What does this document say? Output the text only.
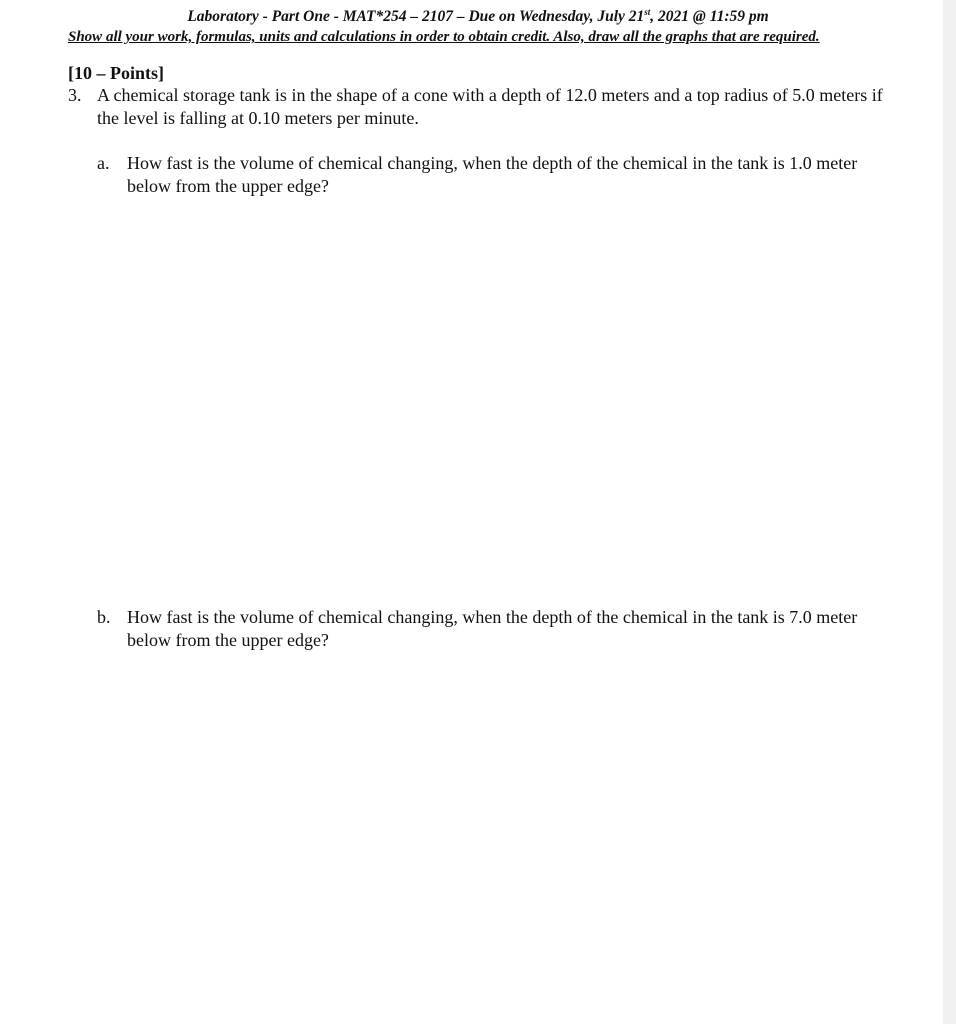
Laboratory - Part One - MAT*254 – 2107 – Due on Wednesday, July 21st, 2021 @ 11:59 pm
Show all your work, formulas, units and calculations in order to obtain credit. Also, draw all the graphs that are required.
[10 – Points]
3. A chemical storage tank is in the shape of a cone with a depth of 12.0 meters and a top radius of 5.0 meters if the level is falling at 0.10 meters per minute.
a. How fast is the volume of chemical changing, when the depth of the chemical in the tank is 1.0 meter below from the upper edge?
b. How fast is the volume of chemical changing, when the depth of the chemical in the tank is 7.0 meter below from the upper edge?
